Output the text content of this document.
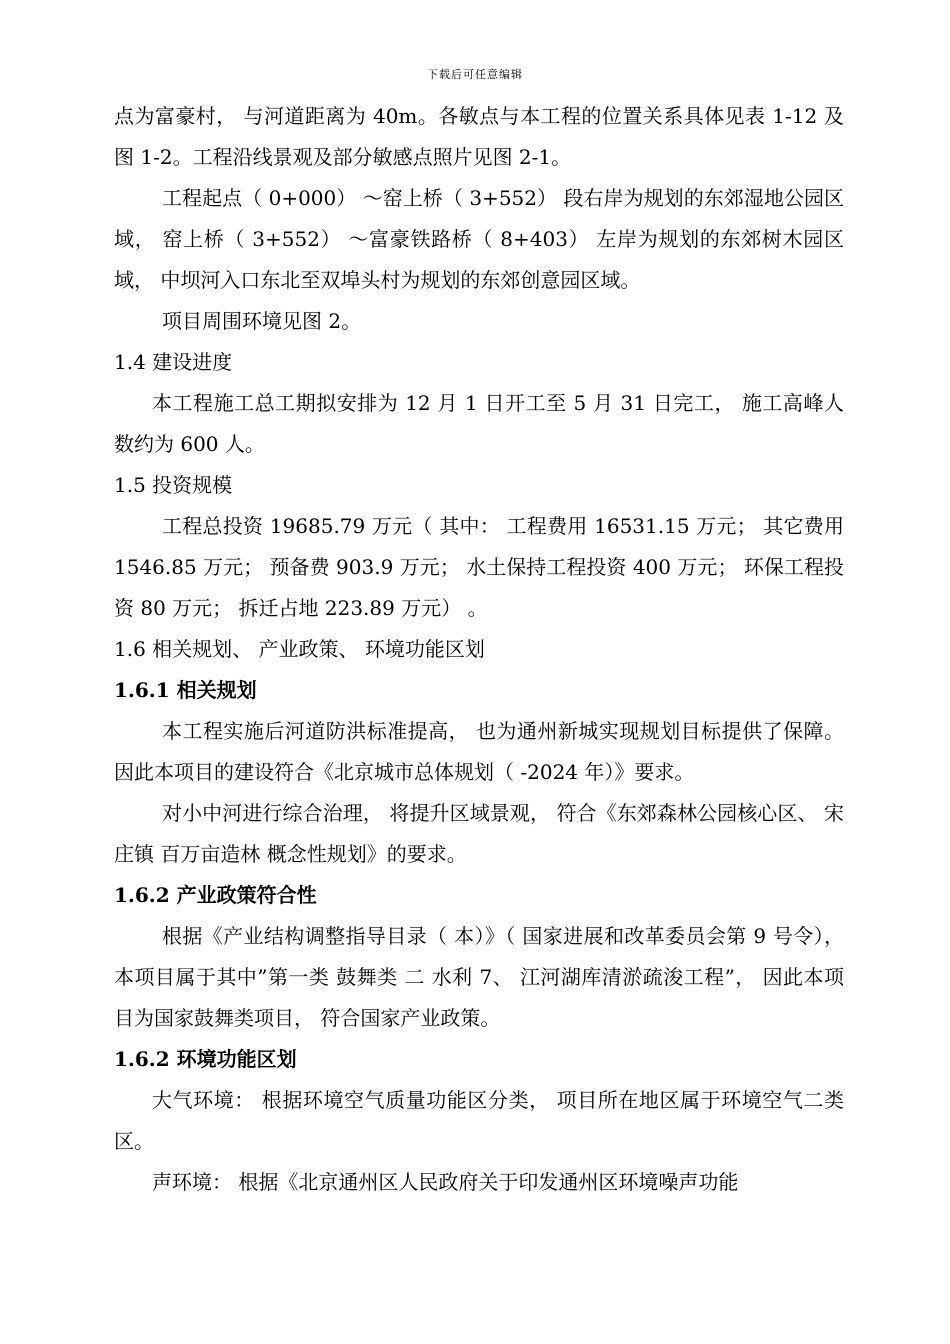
下载后可任意编辑

点为富豪村， 与河道距离为 40m。各敏点与本工程的位置关系具体见表 1-12 及图 1-2。工程沿线景观及部分敏感点照片见图 2-1。

工程起点（ 0+000） ～窑上桥（ 3+552） 段右岸为规划的东郊湿地公园区域， 窑上桥（ 3+552） ～富豪铁路桥（ 8+403） 左岸为规划的东郊树木园区域， 中坝河入口东北至双埠头村为规划的东郊创意园区域。

项目周围环境见图 2。

1.4 建设进度

本工程施工总工期拟安排为 12 月 1 日开工至 5 月 31 日完工， 施工高峰人数约为 600 人。

1.5 投资规模

工程总投资 19685.79 万元（ 其中： 工程费用 16531.15 万元； 其它费用 1546.85 万元； 预备费 903.9 万元； 水土保持工程投资 400 万元； 环保工程投资 80 万元； 拆迁占地 223.89 万元） 。

1.6 相关规划、 产业政策、 环境功能区划
1.6.1 相关规划

本工程实施后河道防洪标准提高， 也为通州新城实现规划目标提供了保障。因此本项目的建设符合《北京城市总体规划（ -2024 年）》要求。

对小中河进行综合治理， 将提升区域景观， 符合《东郊森林公园核心区、 宋庄镇 百万亩造林 概念性规划》的要求。

1.6.2 产业政策符合性

根据《产业结构调整指导目录（ 本）》（ 国家进展和改革委员会第 9 号令）， 本项目属于其中”第一类 鼓舞类 二 水利 7、 江河湖库清淤疏浚工程”， 因此本项目为国家鼓舞类项目， 符合国家产业政策。

1.6.2 环境功能区划

大气环境： 根据环境空气质量功能区分类， 项目所在地区属于环境空气二类区。

声环境： 根据《北京通州区人民政府关于印发通州区环境噪声功能
